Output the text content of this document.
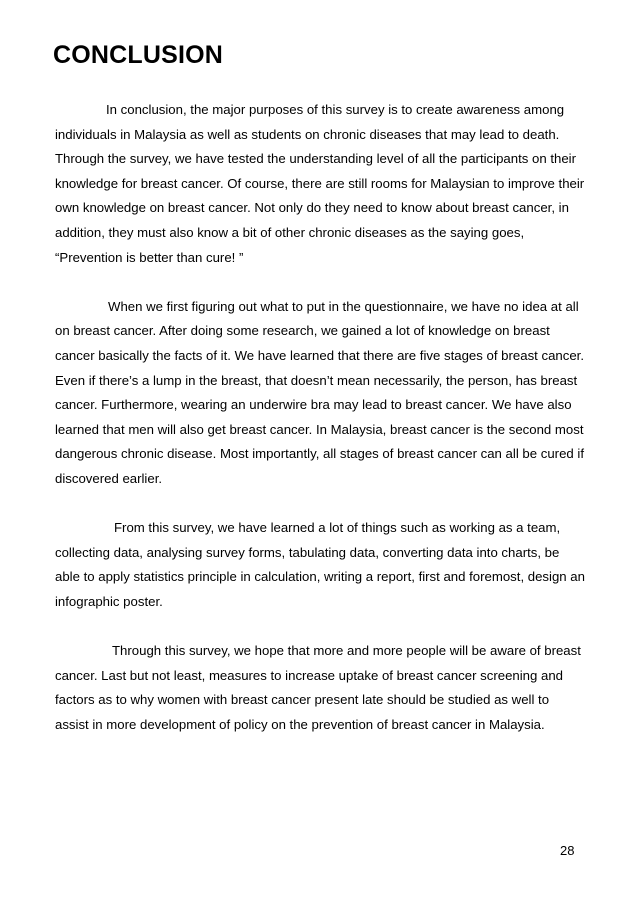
CONCLUSION

In conclusion, the major purposes of this survey is to create awareness among
individuals in Malaysia as well as students on chronic diseases that may lead to death.
Through the survey, we have tested the understanding level of all the participants on their
knowledge for breast cancer. Of course, there are still rooms for Malaysian to improve their
own knowledge on breast cancer. Not only do they need to know about breast cancer, in
addition, they must also know a bit of other chronic diseases as the saying goes,
“Prevention is better than cure! ”

When we first figuring out what to put in the questionnaire, we have no idea at all
on breast cancer. After doing some research, we gained a lot of knowledge on breast
cancer basically the facts of it. We have learned that there are five stages of breast cancer.
Even if there’s a lump in the breast, that doesn’t mean necessarily, the person, has breast
cancer. Furthermore, wearing an underwire bra may lead to breast cancer. We have also
learned that men will also get breast cancer. In Malaysia, breast cancer is the second most
dangerous chronic disease. Most importantly, all stages of breast cancer can all be cured if
discovered earlier.

From this survey, we have learned a lot of things such as working as a team,
collecting data, analysing survey forms, tabulating data, converting data into charts, be
able to apply statistics principle in calculation, writing a report, first and foremost, design an
infographic poster.

Through this survey, we hope that more and more people will be aware of breast
cancer. Last but not least, measures to increase uptake of breast cancer screening and
factors as to why women with breast cancer present late should be studied as well to
assist in more development of policy on the prevention of breast cancer in Malaysia.

28
